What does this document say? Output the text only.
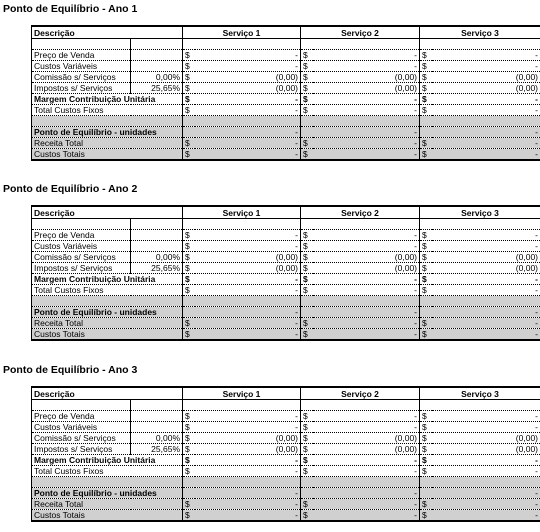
Ponto de Equilíbrio - Ano 1
Descrição		Serviço 1		Serviço 2		Serviço 3	

Preço de Venda		$	-	$	-	$	-
Custos Variáveis		$	-	$	-	$	-
Comissão s/ Serviços	0,00%	$	(0,00)	$	(0,00)	$	(0,00)
Impostos s/ Serviços	25,65%	$	(0,00)	$	(0,00)	$	(0,00)
Margem Contribuição Unitária		$	-	$	-	$	-
Total Custos Fixos		$	-	$	-	$	-

Ponto de Equilíbrio - unidades		-		-		-	
Receita Total		$	-	$	-	$	-
Custos Totais		$	-	$	-	$	-
Ponto de Equilíbrio - Ano 2
Descrição		Serviço 1		Serviço 2		Serviço 3	

Preço de Venda		$	-	$	-	$	-
Custos Variáveis		$	-	$	-	$	-
Comissão s/ Serviços	0,00%	$	(0,00)	$	(0,00)	$	(0,00)
Impostos s/ Serviços	25,65%	$	(0,00)	$	(0,00)	$	(0,00)
Margem Contribuição Unitária		$	-	$	-	$	-
Total Custos Fixos		$	-	$	-	$	-

Ponto de Equilíbrio - unidades		-		-		-	
Receita Total		$	-	$	-	$	-
Custos Totais		$	-	$	-	$	-
Ponto de Equilíbrio - Ano 3
Descrição		Serviço 1		Serviço 2		Serviço 3	

Preço de Venda		$	-	$	-	$	-
Custos Variáveis		$	-	$	-	$	-
Comissão s/ Serviços	0,00%	$	(0,00)	$	(0,00)	$	(0,00)
Impostos s/ Serviços	25,65%	$	(0,00)	$	(0,00)	$	(0,00)
Margem Contribuição Unitária		$	-	$	-	$	-
Total Custos Fixos		$	-	$	-	$	-

Ponto de Equilíbrio - unidades		-		-		-	
Receita Total		$	-	$	-	$	-
Custos Totais		$	-	$	-	$	-
